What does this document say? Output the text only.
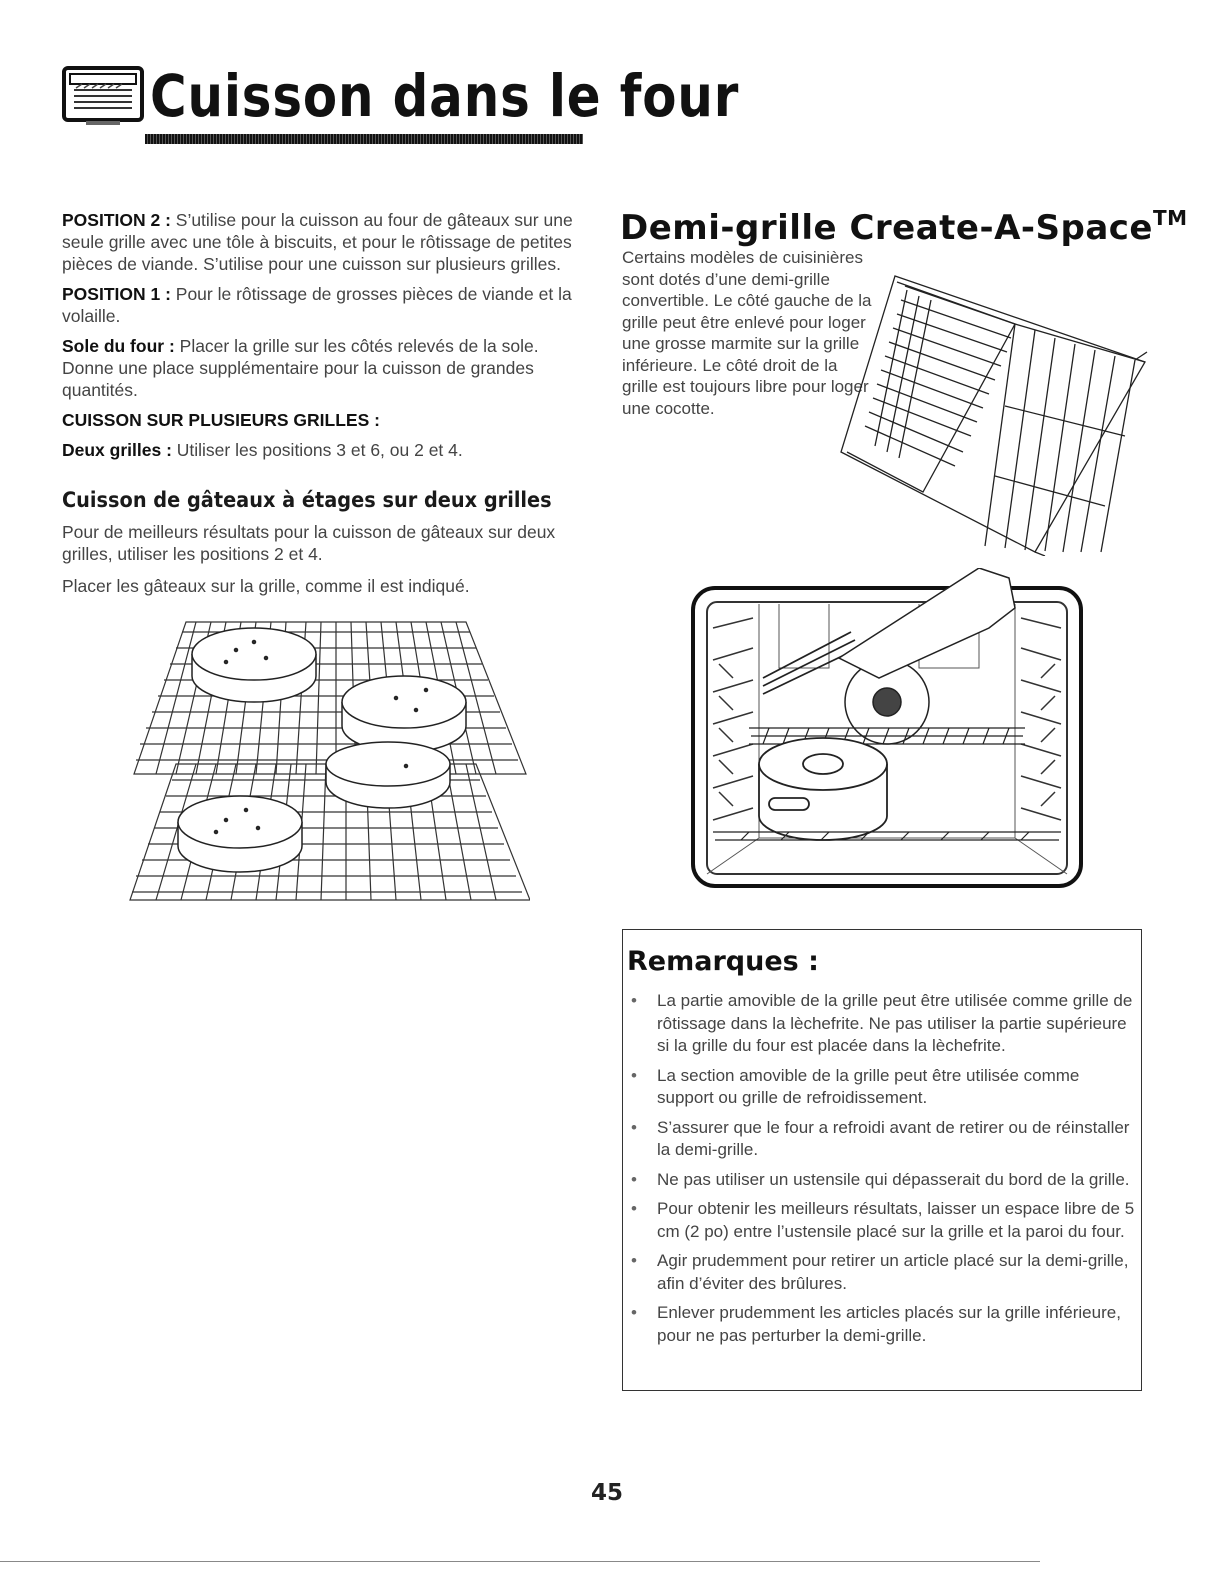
Cuisson dans le four

POSITION 2 : S’utilise pour la cuisson au four de gâteaux sur une seule grille avec une tôle à biscuits, et pour le rôtissage de petites pièces de viande. S’utilise pour une cuisson sur plusieurs grilles.

POSITION 1 : Pour le rôtissage de grosses pièces de viande et la volaille.

Sole du four : Placer la grille sur les côtés relevés de la sole. Donne une place supplémentaire pour la cuisson de grandes quantités.

CUISSON SUR PLUSIEURS GRILLES :

Deux grilles : Utiliser les positions 3 et 6, ou 2 et 4.

Cuisson de gâteaux à étages sur deux grilles

Pour de meilleurs résultats pour la cuisson de gâteaux sur deux grilles, utiliser les positions 2 et 4.

Placer les gâteaux sur la grille, comme il est indiqué.

Demi-grille Create-A-Space™

Certains modèles de cuisinières sont dotés d’une demi-grille convertible. Le côté gauche de la grille peut être enlevé pour loger une grosse marmite sur la grille inférieure. Le côté droit de la grille est toujours libre pour loger une cocotte.

Remarques :
• La partie amovible de la grille peut être utilisée comme grille de rôtissage dans la lèchefrite. Ne pas utiliser la partie supérieure si la grille du four est placée dans la lèchefrite.
• La section amovible de la grille peut être utilisée comme support ou grille de refroidissement.
• S’assurer que le four a refroidi avant de retirer ou de réinstaller la demi-grille.
• Ne pas utiliser un ustensile qui dépasserait du bord de la grille.
• Pour obtenir les meilleurs résultats, laisser un espace libre de 5 cm (2 po) entre l’ustensile placé sur la grille et la paroi du four.
• Agir prudemment pour retirer un article placé sur la demi-grille, afin d’éviter des brûlures.
• Enlever prudemment les articles placés sur la grille inférieure, pour ne pas perturber la demi-grille.

45
